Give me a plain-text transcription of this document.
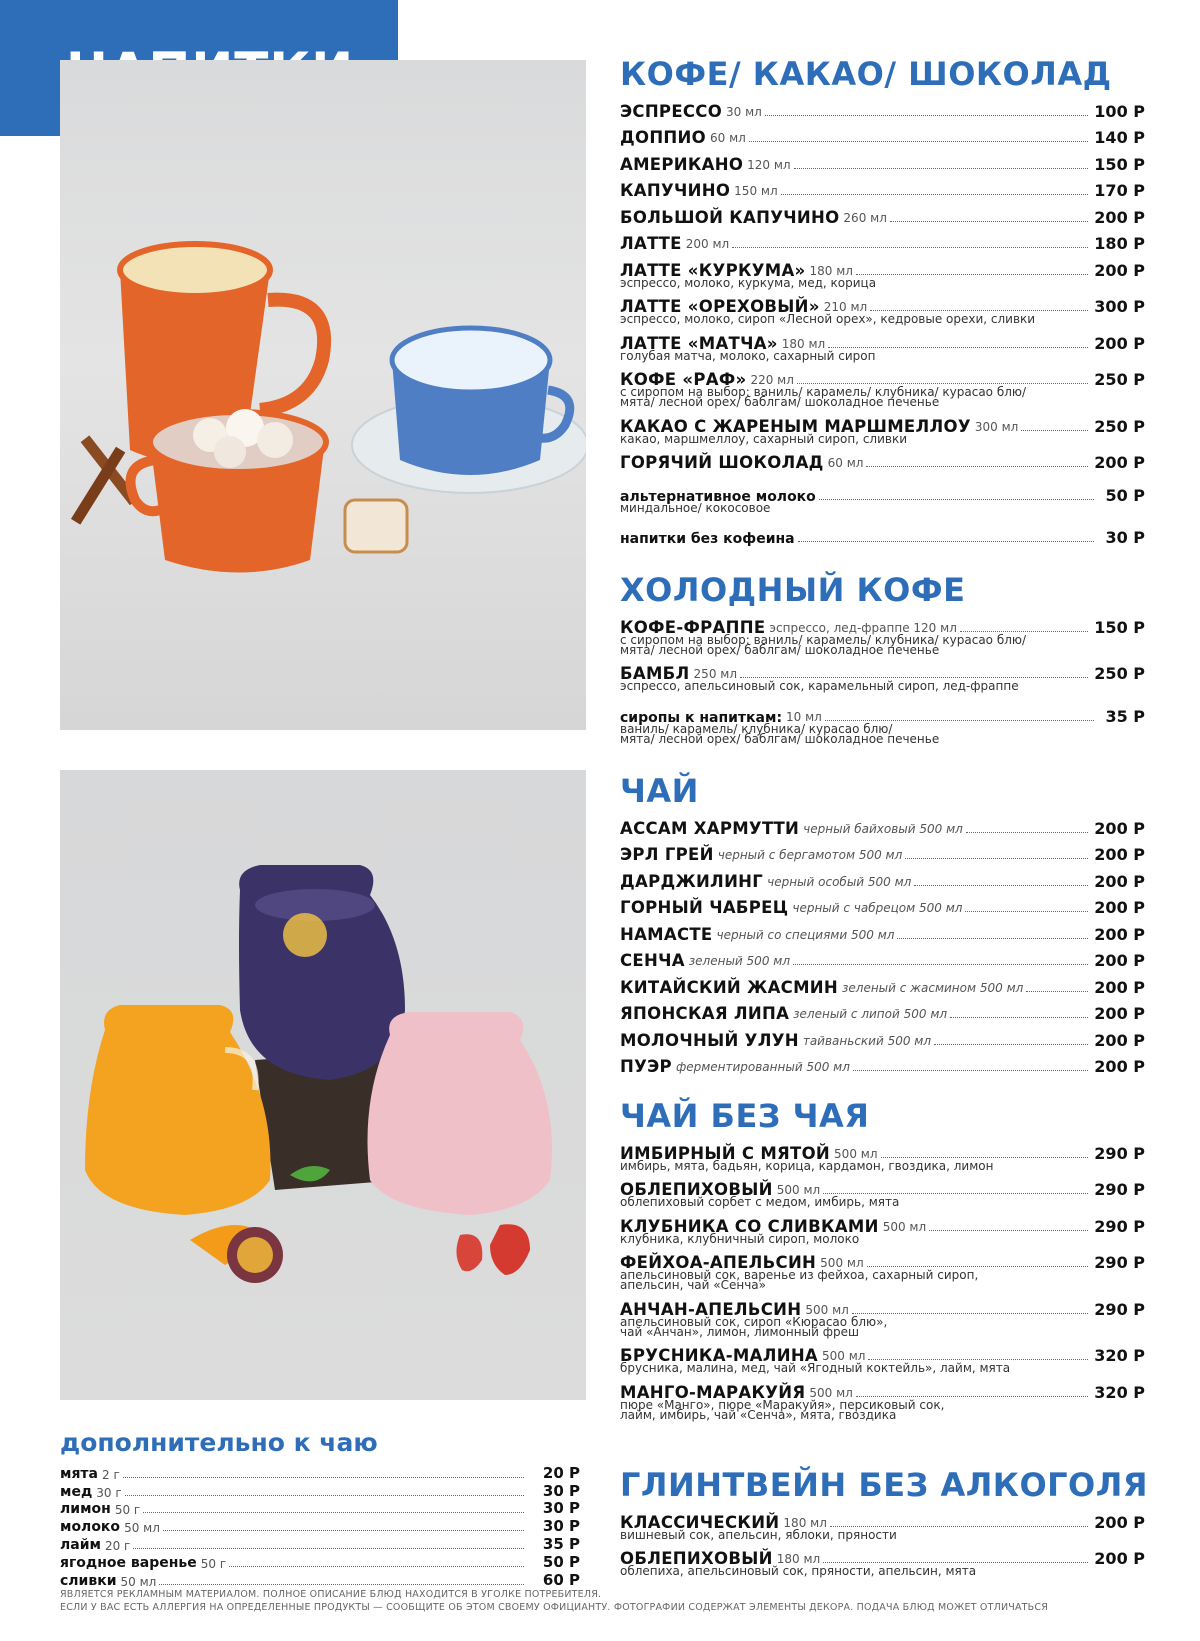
дополнительно к чаю
мята 2 г	20 Р
мед 30 г	30 Р
лимон 50 г	30 Р
молоко 50 мл	30 Р
лайм 20 г	35 Р
ягодное варенье 50 г	50 Р
сливки 50 мл	60 Р
КОФЕ/ КАКАО/ ШОКОЛАД
ЭСПРЕССО 30 мл	100 Р
ДОППИО 60 мл	140 Р
АМЕРИКАНО 120 мл	150 Р
КАПУЧИНО 150 мл	170 Р
БОЛЬШОЙ КАПУЧИНО 260 мл	200 Р
ЛАТТЕ 200 мл	180 Р
ЛАТТЕ «КУРКУМА» 180 мл	200 Р
эспрессо, молоко, куркума, мед, корица
ЛАТТЕ «ОРЕХОВЫЙ» 210 мл	300 Р
эспрессо, молоко, сироп «Лесной орех», кедровые орехи, сливки
ЛАТТЕ «МАТЧА» 180 мл	200 Р
голубая матча, молоко, сахарный сироп
КОФЕ «РАФ» 220 мл	250 Р
с сиропом на выбор: ваниль/ карамель/ клубника/ курасао блю/
мята/ лесной орех/ баблгам/ шоколадное печенье
КАКАО С ЖАРЕНЫМ МАРШМЕЛЛОУ 300 мл	250 Р
какао, маршмеллоу, сахарный сироп, сливки
ГОРЯЧИЙ ШОКОЛАД 60 мл	200 Р
альтернативное молоко	50 Р
миндальное/ кокосовое
напитки без кофеина	30 Р
ХОЛОДНЫЙ КОФЕ
КОФЕ-ФРАППЕ эспрессо, лед-фраппе 120 мл	150 Р
с сиропом на выбор: ваниль/ карамель/ клубника/ курасао блю/
мята/ лесной орех/ баблгам/ шоколадное печенье
БАМБЛ 250 мл	250 Р
эспрессо, апельсиновый сок, карамельный сироп, лед-фраппе
сиропы к напиткам: 10 мл	35 Р
ваниль/ карамель/ клубника/ курасао блю/
мята/ лесной орех/ баблгам/ шоколадное печенье
ЧАЙ
АССАМ ХАРМУТТИ черный байховый 500 мл	200 Р
ЭРЛ ГРЕЙ черный с бергамотом 500 мл	200 Р
ДАРДЖИЛИНГ черный особый 500 мл	200 Р
ГОРНЫЙ ЧАБРЕЦ черный с чабрецом 500 мл	200 Р
НАМАСТЕ черный со специями 500 мл	200 Р
СЕНЧА зеленый 500 мл	200 Р
КИТАЙСКИЙ ЖАСМИН зеленый с жасмином 500 мл	200 Р
ЯПОНСКАЯ ЛИПА зеленый с липой 500 мл	200 Р
МОЛОЧНЫЙ УЛУН тайваньский 500 мл	200 Р
ПУЭР ферментированный 500 мл	200 Р
ЧАЙ БЕЗ ЧАЯ
ИМБИРНЫЙ С МЯТОЙ 500 мл	290 Р
имбирь, мята, бадьян, корица, кардамон, гвоздика, лимон
ОБЛЕПИХОВЫЙ 500 мл	290 Р
облепиховый сорбет с медом, имбирь, мята
КЛУБНИКА СО СЛИВКАМИ 500 мл	290 Р
клубника, клубничный сироп, молоко
ФЕЙХОА-АПЕЛЬСИН 500 мл	290 Р
апельсиновый сок, варенье из фейхоа, сахарный сироп,
апельсин, чай «Сенча»
АНЧАН-АПЕЛЬСИН 500 мл	290 Р
апельсиновый сок, сироп «Кюрасао блю»,
чай «Анчан», лимон, лимонный фреш
БРУСНИКА-МАЛИНА 500 мл	320 Р
брусника, малина, мед, чай «Ягодный коктейль», лайм, мята
МАНГО-МАРАКУЙЯ 500 мл	320 Р
пюре «Манго», пюре «Маракуйя», персиковый сок,
лайм, имбирь, чай «Сенча», мята, гвоздика
ГЛИНТВЕЙН БЕЗ АЛКОГОЛЯ
КЛАССИЧЕСКИЙ 180 мл	200 Р
вишневый сок, апельсин, яблоки, пряности
ОБЛЕПИХОВЫЙ 180 мл	200 Р
облепиха, апельсиновый сок, пряности, апельсин, мята
ЯВЛЯЕТСЯ РЕКЛАМНЫМ МАТЕРИАЛОМ. ПОЛНОЕ ОПИСАНИЕ БЛЮД НАХОДИТСЯ В УГОЛКЕ ПОТРЕБИТЕЛЯ.
ЕСЛИ У ВАС ЕСТЬ АЛЛЕРГИЯ НА ОПРЕДЕЛЕННЫЕ ПРОДУКТЫ — СООБЩИТЕ ОБ ЭТОМ СВОЕМУ ОФИЦИАНТУ. ФОТОГРАФИИ СОДЕРЖАТ ЭЛЕМЕНТЫ ДЕКОРА. ПОДАЧА БЛЮД МОЖЕТ ОТЛИЧАТЬСЯ
